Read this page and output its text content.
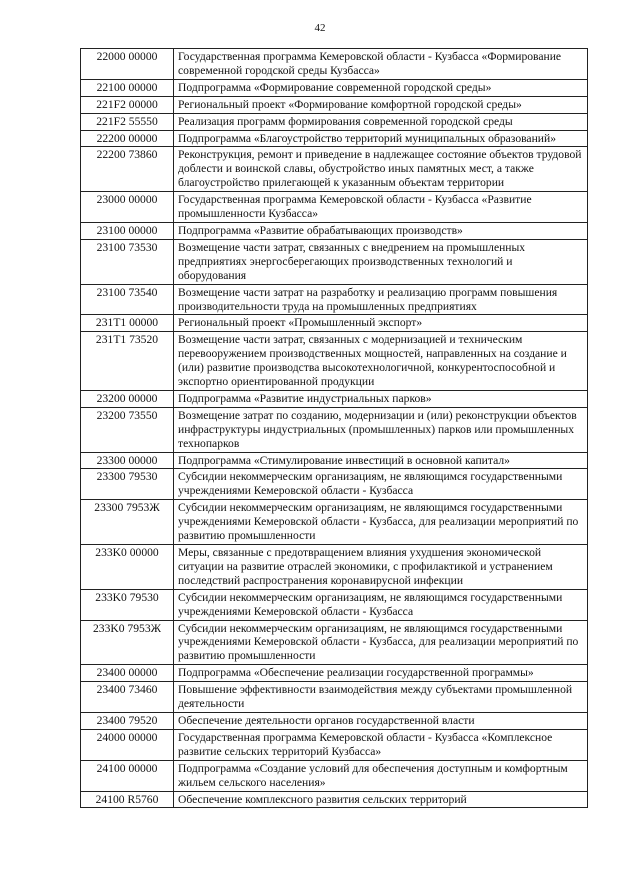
42
22000 00000	Государственная программа Кемеровской области - Кузбасса «Формирование современной городской среды Кузбасса»
22100 00000	Подпрограмма «Формирование современной городской среды»
221F2 00000	Региональный проект «Формирование комфортной городской среды»
221F2 55550	Реализация программ формирования современной городской среды
22200 00000	Подпрограмма «Благоустройство территорий муниципальных образований»
22200 73860	Реконструкция, ремонт и приведение в надлежащее состояние объектов трудовой доблести и воинской славы, обустройство иных памятных мест, а также благоустройство прилегающей к указанным объектам территории
23000 00000	Государственная программа Кемеровской области - Кузбасса «Развитие промышленности Кузбасса»
23100 00000	Подпрограмма «Развитие обрабатывающих производств»
23100 73530	Возмещение части затрат, связанных с внедрением на промышленных предприятиях энергосберегающих производственных технологий и оборудования
23100 73540	Возмещение части затрат на разработку и реализацию программ повышения производительности труда на промышленных предприятиях
231T1 00000	Региональный проект «Промышленный экспорт»
231T1 73520	Возмещение части затрат, связанных с модернизацией и техническим перевооружением производственных мощностей, направленных на создание и (или) развитие производства высокотехнологичной, конкурентоспособной и экспортно ориентированной продукции
23200 00000	Подпрограмма «Развитие индустриальных парков»
23200 73550	Возмещение затрат по созданию, модернизации и (или) реконструкции объектов инфраструктуры индустриальных (промышленных) парков или промышленных технопарков
23300 00000	Подпрограмма «Стимулирование инвестиций в основной капитал»
23300 79530	Субсидии некоммерческим организациям, не являющимся государственными учреждениями Кемеровской области - Кузбасса
23300 7953Ж	Субсидии некоммерческим организациям, не являющимся государственными учреждениями Кемеровской области - Кузбасса, для реализации мероприятий по развитию промышленности
233K0 00000	Меры, связанные с предотвращением влияния ухудшения экономической ситуации на развитие отраслей экономики, с профилактикой и устранением последствий распространения коронавирусной инфекции
233K0 79530	Субсидии некоммерческим организациям, не являющимся государственными учреждениями Кемеровской области - Кузбасса
233K0 7953Ж	Субсидии некоммерческим организациям, не являющимся государственными учреждениями Кемеровской области - Кузбасса, для реализации мероприятий по развитию промышленности
23400 00000	Подпрограмма «Обеспечение реализации государственной программы»
23400 73460	Повышение эффективности взаимодействия между субъектами промышленной деятельности
23400 79520	Обеспечение деятельности органов государственной власти
24000 00000	Государственная программа Кемеровской области - Кузбасса «Комплексное развитие сельских территорий Кузбасса»
24100 00000	Подпрограмма «Создание условий для обеспечения доступным и комфортным жильем сельского населения»
24100 R5760	Обеспечение комплексного развития сельских территорий
